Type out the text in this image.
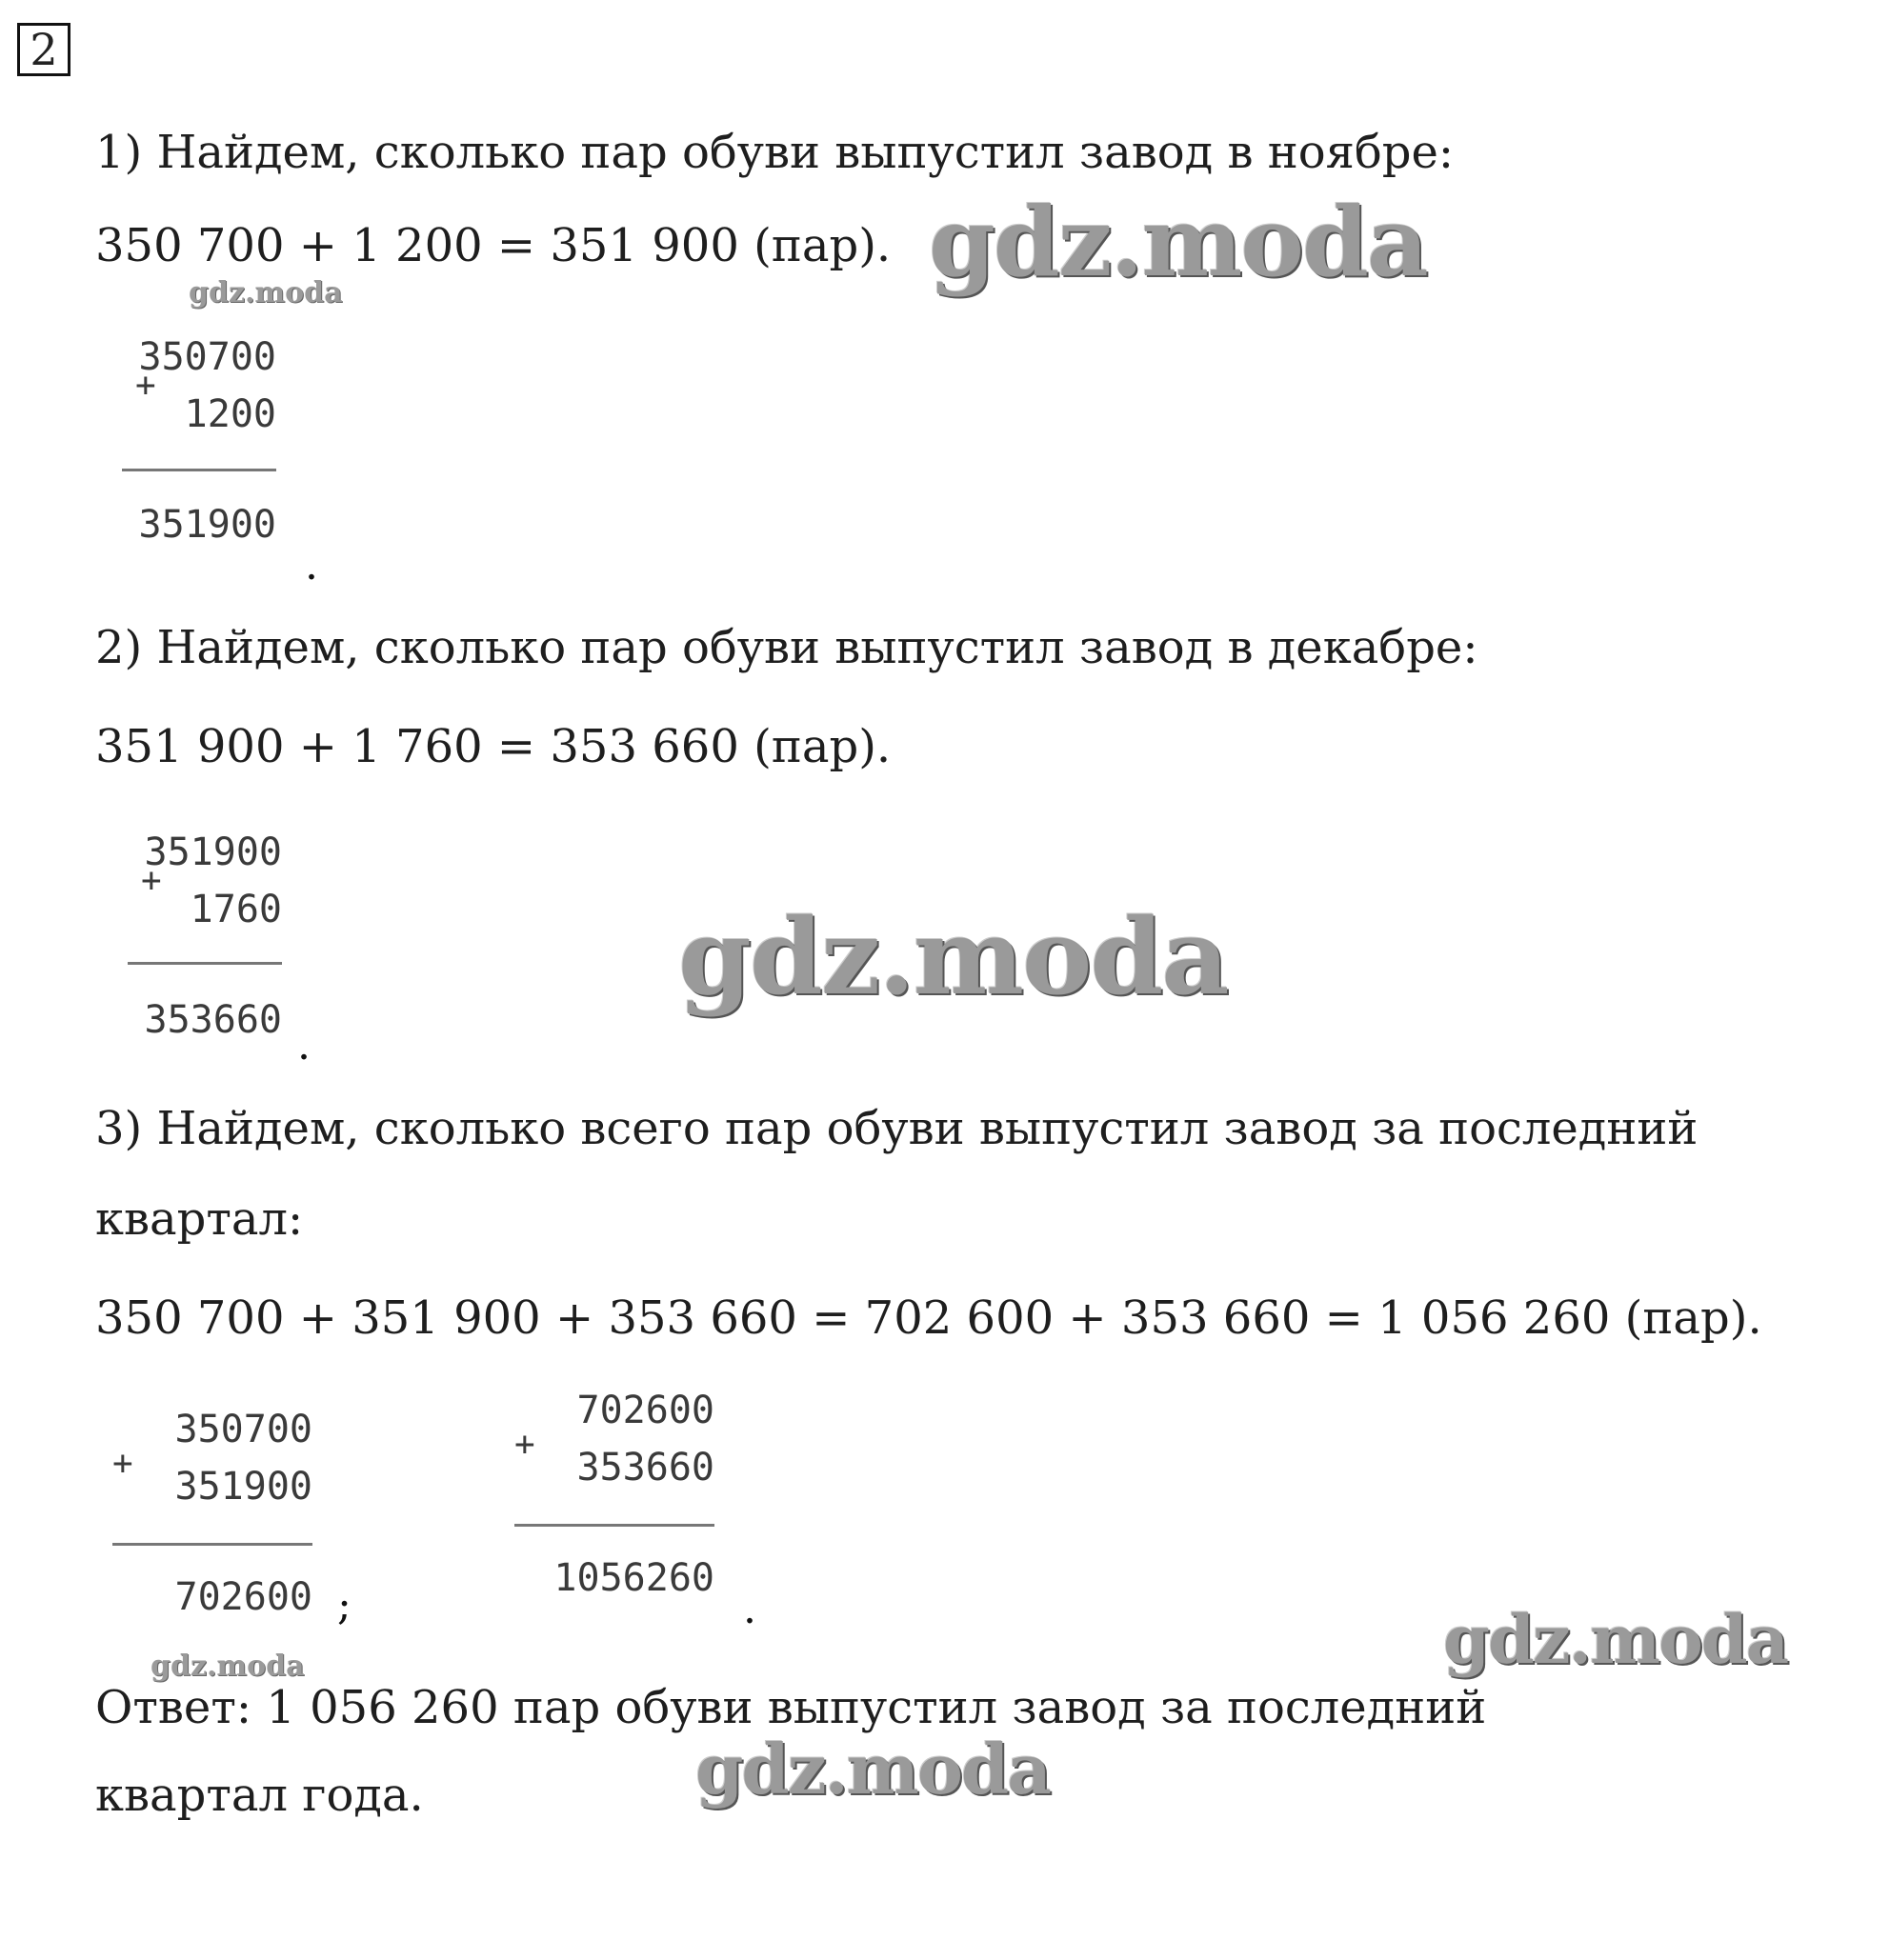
2
1) Найдем, сколько пар обуви выпустил завод в ноябре:
350 700 + 1 200 = 351 900 (пар).
350700
+
1200
351900
.
2) Найдем, сколько пар обуви выпустил завод в декабре:
351 900 + 1 760 = 353 660 (пар).
351900
+
1760
353660
.
3) Найдем, сколько всего пар обуви выпустил завод за последний
квартал:
350 700 + 351 900 + 353 660 = 702 600 + 353 660 = 1 056 260 (пар).
350700
+
351900
702600 ;
702600
+
353660
1056260
.
Ответ: 1 056 260 пар обуви выпустил завод за последний
квартал года.
gdz.moda
gdz.moda
gdz.moda
gdz.moda
gdz.moda
gdz.moda
